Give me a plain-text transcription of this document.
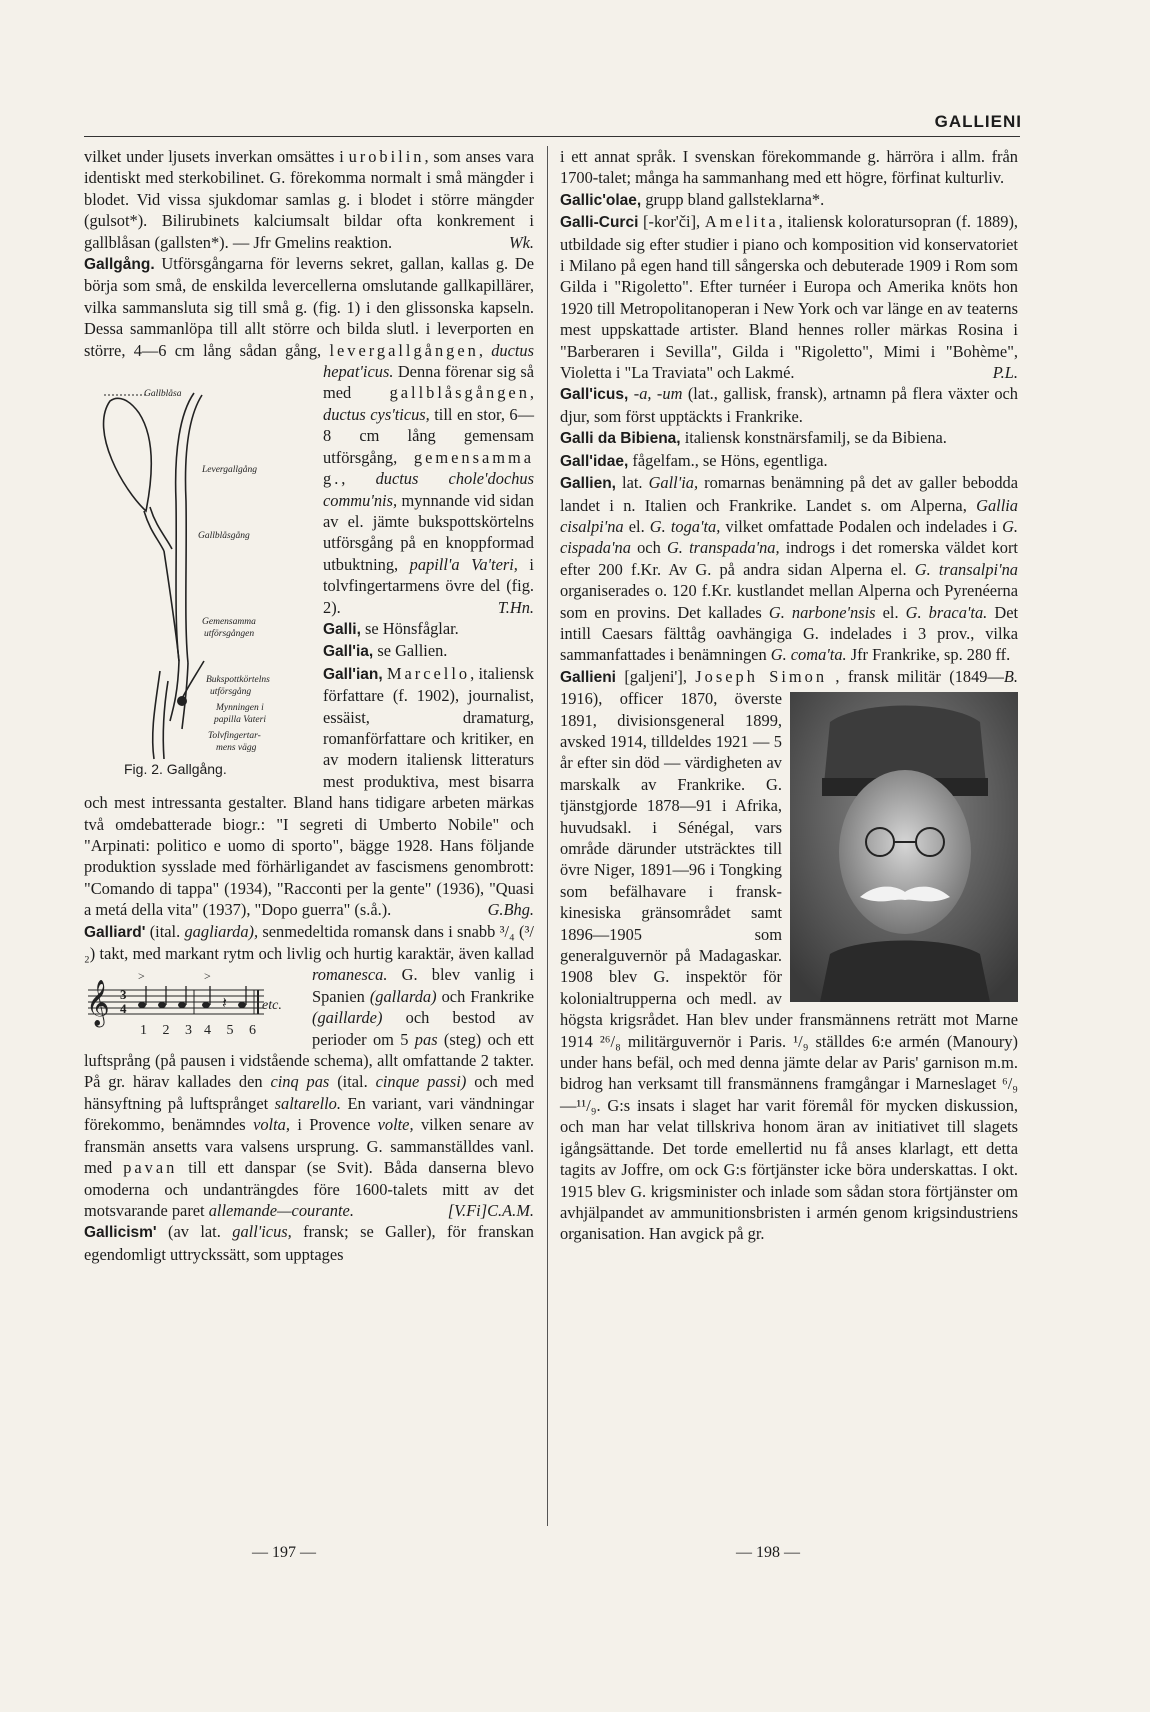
GALLIENI

vilket under ljusets inverkan omsättes i urobilin, som anses vara identiskt med sterkobilinet. G. förekomma normalt i små mängder i blodet. Vid vissa sjukdomar samlas g. i blodet i större mängder (gulsot*). Bilirubinets kalciumsalt bildar ofta konkrement i gallblåsan (gallsten*). — Jfr Gmelins reaktion.	Wk.

Gallgång. Utförsgångarna för leverns sekret, gallan, kallas g. De börja som små, de enskilda levercellerna omslutande gallkapillärer, vilka sammansluta sig till små g. (fig. 1) i den glissonska kapseln. Dessa sammanlöpa till allt större och bilda slutl. i leverporten en större, 4—6 cm lång sådan gång,
Gallblåsa
Levergallgång
Gallblåsgång
Gemensamma
utförsgången
Bukspottkörtelns
utförsgång
Mynningen i
papilla Vateri
Tolvfingertar-
mens vägg
Fig. 2. Gallgång.
levergallgången, ductus hepat'icus. Denna förenar sig så med gallblåsgången, ductus cys'ticus, till en stor, 6—8 cm lång gemensam utförsgång, gemensamma g., ductus chole'dochus commu'nis, mynnande vid sidan av el. jämte bukspottskörtelns utförsgång på en knoppformad utbuktning, papill'a Va'teri, i tolvfingertarmens övre del (fig. 2).	T.Hn.

Galli, se Hönsfåglar.

Gall'ia, se Gallien.

Gall'ian, Marcello, italiensk författare (f. 1902), journalist, essäist, dramaturg, romanförfattare och kritiker, en av modern italiensk litteraturs mest produktiva, mest bisarra och mest intressanta gestalter. Bland hans tidigare arbeten märkas två omdebatterade biogr.: "I segreti di Umberto Nobile" och "Arpinati: politico e uomo di sporto", bägge 1928. Hans följande produktion sysslade med förhärligandet av fascismens genombrott: "Comando di tappa" (1934), "Racconti per la gente" (1936), "Quasi a metá della vita" (1937), "Dopo guerra" (s.å.).	G.Bhg.

Galliard' (ital. gagliarda), senmedeltida romansk dans i snabb ³/₄ (³/₂) takt, med markant rytm och livlig och hurtig karaktär, även kallad romanesca.
𝄞 3
4	𝄽
>	>
etc.
1 2 3 4 5 6
G. blev vanlig i Spanien (gallarda) och Frankrike (gaillarde) och bestod av perioder om 5 pas (steg) och ett luftsprång (på pausen i vidstående schema), allt omfattande 2 takter. På gr. härav kallades den cinq pas (ital. cinque passi) och med hänsyftning på luftsprånget saltarello. En variant, vari vändningar förekommo, benämndes volta, i Provence volte, vilken senare av fransmän ansetts vara valsens ursprung. G. sammanställdes vanl. med pavan till ett danspar (se Svit). Båda danserna blevo omoderna och undanträngdes före 1600-talets mitt av det motsvarande paret allemande—courante.	[V.Fi]C.A.M.

Gallicism' (av lat. gall'icus, fransk; se Galler), för franskan egendomligt uttryckssätt, som upptages

i ett annat språk. I svenskan förekommande g. härröra i allm. från 1700-talet; många ha sammanhang med ett högre, förfinat kulturliv.

Gallic'olae, grupp bland gallsteklarna*.

Galli-Curci [-kor'či], Amelita, italiensk koloratursopran (f. 1889), utbildade sig efter studier i piano och komposition vid konservatoriet i Milano på egen hand till sångerska och debuterade 1909 i Rom som Gilda i "Rigoletto". Efter turnéer i Europa och Amerika knöts hon 1920 till Metropolitanoperan i New York och var länge en av teaterns mest uppskattade artister. Bland hennes roller märkas Rosina i "Barberaren i Sevilla", Gilda i "Rigoletto", Mimi i "Bohème", Violetta i "La Traviata" och Lakmé.	P.L.

Gall'icus, -a, -um (lat., gallisk, fransk), artnamn på flera växter och djur, som först upptäckts i Frankrike.

Galli da Bibiena, italiensk konstnärsfamilj, se da Bibiena.

Gall'idae, fågelfam., se Höns, egentliga.

Gallien, lat. Gall'ia, romarnas benämning på det av galler bebodda landet i n. Italien och Frankrike. Landet s. om Alperna, Gallia cisalpi'na el. G. toga'ta, vilket omfattade Podalen och indelades i G. cispada'na och G. transpada'na, indrogs i det romerska väldet kort efter 200 f.Kr. Av G. på andra sidan Alperna el. G. transalpi'na organiserades o. 120 f.Kr. kustlandet mellan Alperna och Pyrenéerna som en provins. Det kallades G. narbone'nsis el. G. braca'ta. Det intill Caesars fälttåg oavhängiga G. indelades i 3 prov., vilka sammanfattades i benämningen G. coma'ta. Jfr Frankrike, sp. 280 ff.
B.

Gallieni [galjeni'], Joseph Simon , fransk militär (1849—1916), officer 1870, överste 1891, divisionsgeneral 1899, avsked 1914, tilldeldes 1921 — 5 år efter sin död — värdigheten av marskalk av Frankrike. G. tjänstgjorde 1878—91 i Afrika, huvudsakl. i Sénégal, vars område därunder utsträcktes till övre Niger, 1891—96 i Tongking som befälhavare i fransk-kinesiska gränsområdet samt 1896—1905 som generalguvernör på Madagaskar. 1908 blev G. inspektör för kolonialtrupperna och medl. av högsta krigsrådet. Han blev under fransmännens reträtt mot Marne 1914 ²⁶/₈ militärguvernör i Paris. ¹/₉ ställdes 6:e armén (Manoury) under hans befäl, och med denna jämte delar av Paris' garnison m.m. bidrog han verksamt till fransmännens framgångar i Marneslaget ⁶/₉—¹¹/₉. G:s insats i slaget har varit föremål för mycken diskussion, och man har velat tillskriva honom äran av initiativet till slagets igångsättande. Det torde emellertid nu få anses klarlagt, ett detta tagits av Joffre, om ock G:s förtjänster icke böra underskattas. I okt. 1915 blev G. krigsminister och inlade som sådan stora förtjänster om avhjälpandet av ammunitionsbristen i armén genom krigsindustriens organisation. Han avgick på gr.

— 197 —	— 198 —
